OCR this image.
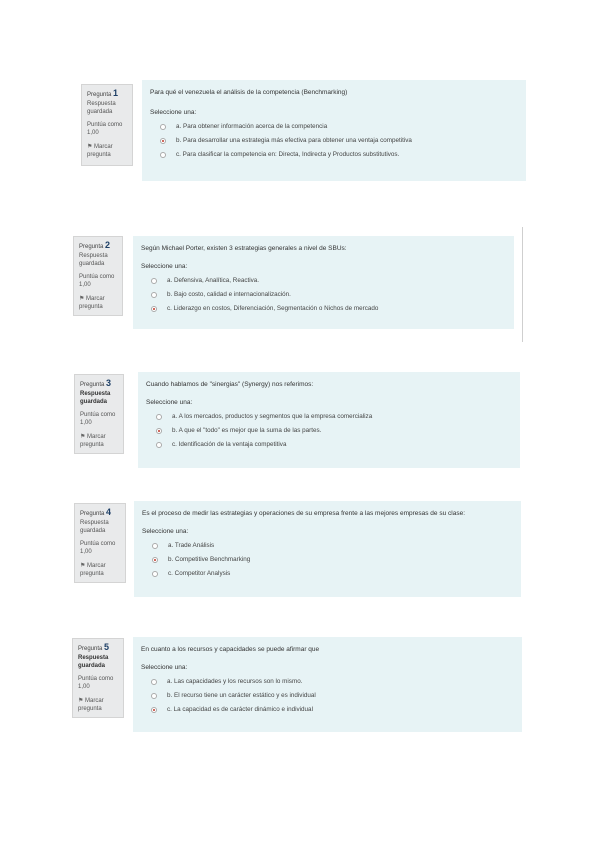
Pregunta 1
Respuesta guardada
Puntúa como 1,00
⚑ Marcar pregunta
Para qué el venezuela el análisis de la competencia (Benchmarking)
Seleccione una:
a. Para obtener información acerca de la competencia
b. Para desarrollar una estrategia más efectiva para obtener una ventaja competitiva
c. Para clasificar la competencia en: Directa, Indirecta y Productos substitutivos.
Pregunta 2
Respuesta guardada
Puntúa como 1,00
⚑ Marcar pregunta
Según Michael Porter, existen 3 estrategias generales a nivel de SBUs:
Seleccione una:
a. Defensiva, Analítica, Reactiva.
b. Bajo costo, calidad e internacionalización.
c. Liderazgo en costos, Diferenciación, Segmentación o Nichos de mercado
Pregunta 3
Respuesta guardada
Puntúa como 1,00
⚑ Marcar pregunta
Cuando hablamos de "sinergias" (Synergy) nos referimos:
Seleccione una:
a. A los mercados, productos y segmentos que la empresa comercializa
b. A que el "todo" es mejor que la suma de las partes.
c. Identificación de la ventaja competitiva
Pregunta 4
Respuesta guardada
Puntúa como 1,00
⚑ Marcar pregunta
Es el proceso de medir las estrategias y operaciones de su empresa frente a las mejores empresas de su clase:
Seleccione una:
a. Trade Análisis
b. Competitive Benchmarking
c. Competitor Analysis
Pregunta 5
Respuesta guardada
Puntúa como 1,00
⚑ Marcar pregunta
En cuanto a los recursos y capacidades se puede afirmar que
Seleccione una:
a. Las capacidades y los recursos son lo mismo.
b. El recurso tiene un carácter estático y es individual
c. La capacidad es de carácter dinámico e individual
